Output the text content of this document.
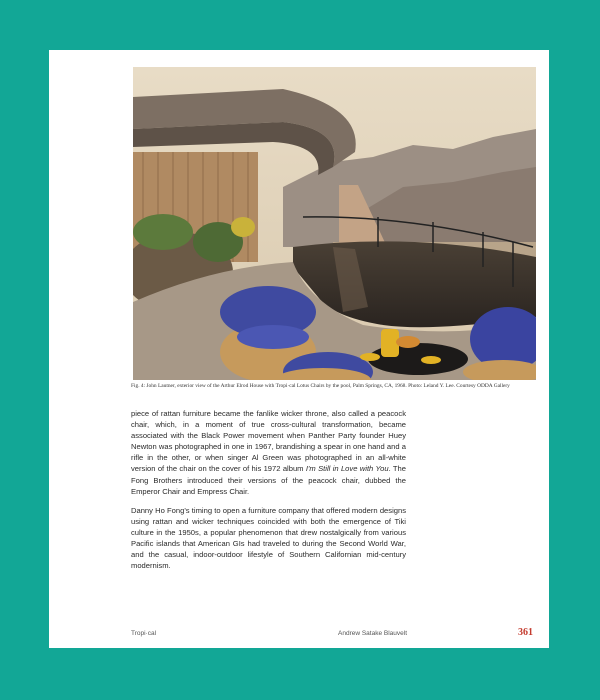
Fig. 4: John Lautner, exterior view of the Arthur Elrod House with Tropi·cal Lotus Chairs by the pool, Palm Springs, CA, 1968. Photo: Leland Y. Lee. Courtesy ODDA Gallery

piece of rattan furniture became the fanlike wicker throne, also called a peacock chair, which, in a moment of true cross-cultural transformation, became associated with the Black Power movement when Panther Party founder Huey Newton was photographed in one in 1967, brandishing a spear in one hand and a rifle in the other, or when singer Al Green was photographed in an all-white version of the chair on the cover of his 1972 album I'm Still in Love with You. The Fong Brothers introduced their versions of the peacock chair, dubbed the Emperor Chair and Empress Chair.

Danny Ho Fong's timing to open a furniture company that offered modern designs using rattan and wicker techniques coincided with both the emergence of Tiki culture in the 1950s, a popular phenomenon that drew nostalgically from various Pacific islands that American GIs had traveled to during the Second World War, and the casual, indoor-outdoor lifestyle of Southern Californian mid-century modernism.

Tropi·cal	Andrew Satake Blauvelt	361
